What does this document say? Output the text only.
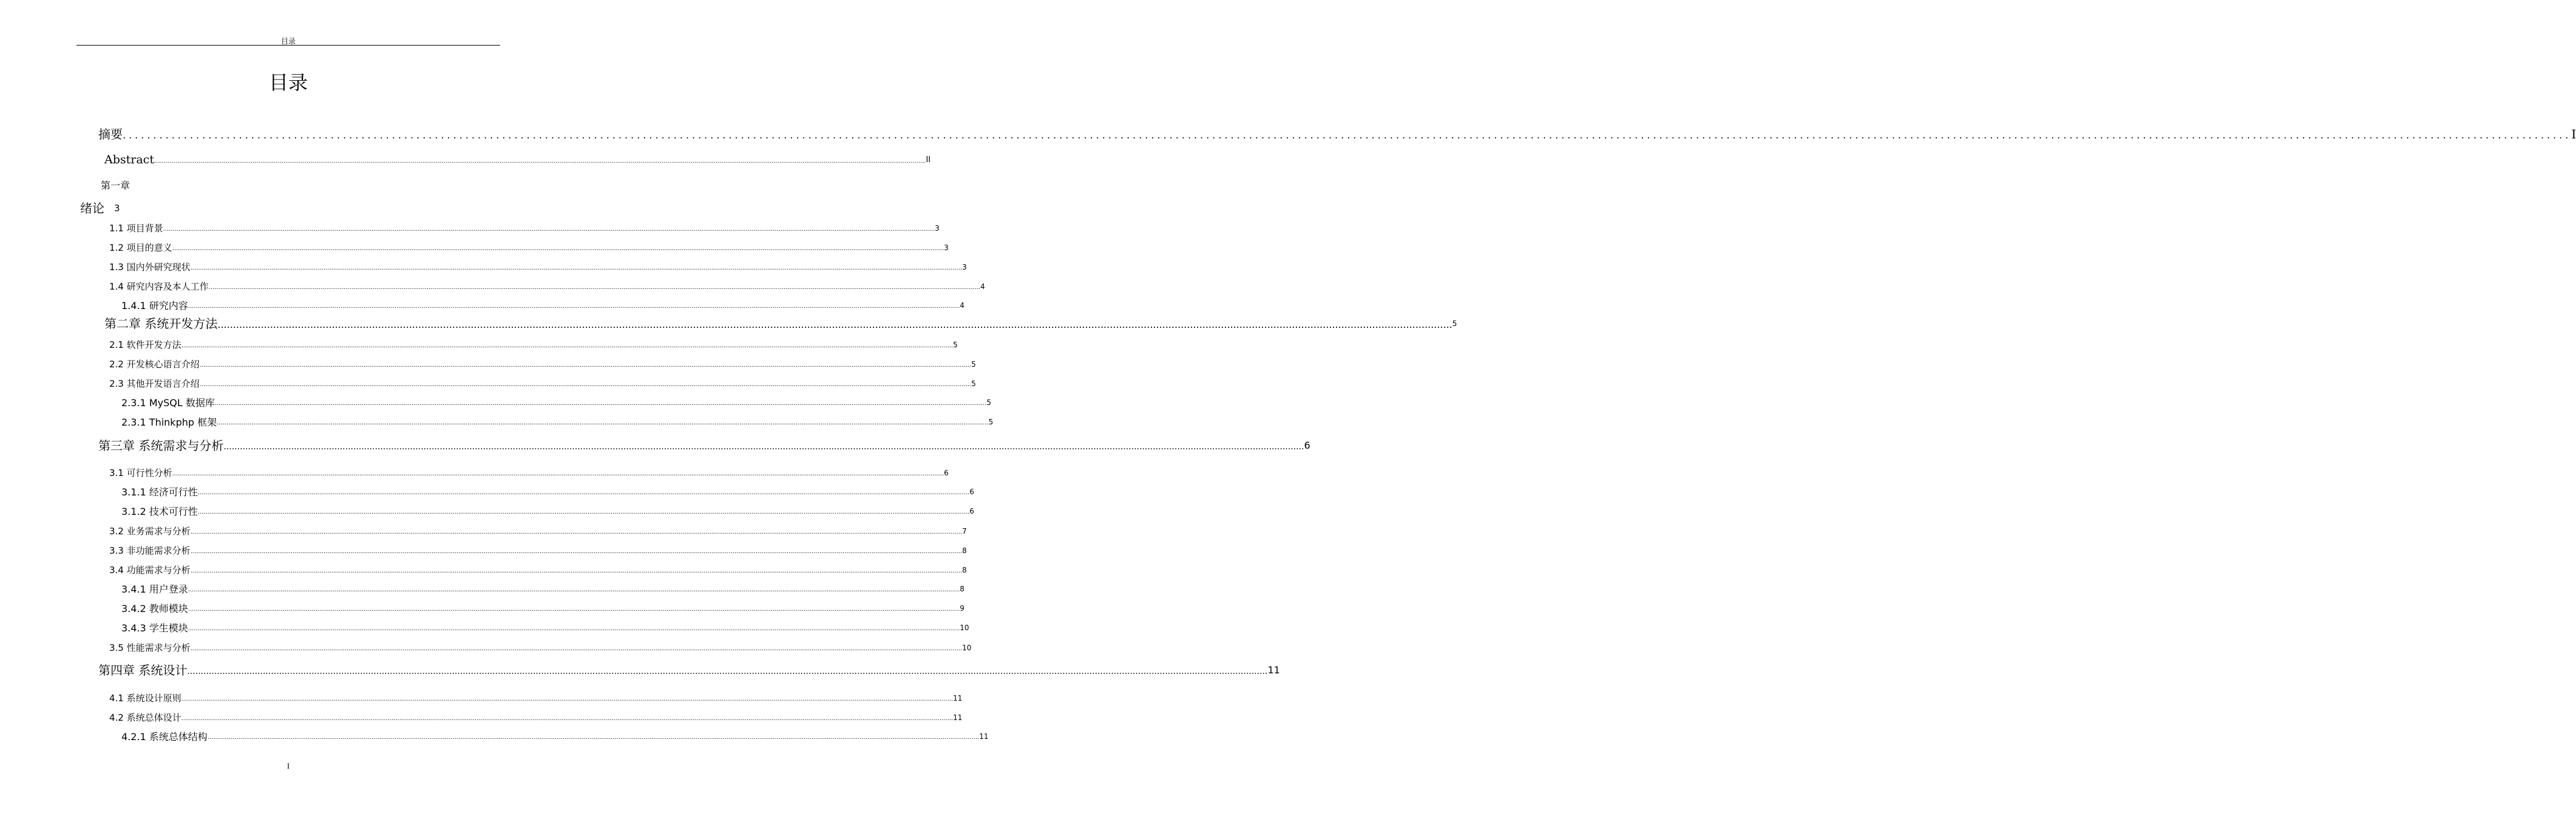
目录
目录
摘要 ................................................................................................................................................................................................................................................................................................................................................................................................................ I
Abstract ................................................................................................................................................................................................................................................................................................................................................................................................................ II
第一章
绪论 3
1.1 项目背景 ................................................................................................................................................................................................................................................................................................................................................................................................................ 3
1.2 项目的意义 ................................................................................................................................................................................................................................................................................................................................................................................................................ 3
1.3 国内外研究现状 ................................................................................................................................................................................................................................................................................................................................................................................................................ 3
1.4 研究内容及本人工作 ................................................................................................................................................................................................................................................................................................................................................................................................................ 4
1.4.1 研究内容 ................................................................................................................................................................................................................................................................................................................................................................................................................ 4
第二章 系统开发方法 ................................................................................................................................................................................................................................................................................................................................................................................................................ 5
2.1 软件开发方法 ................................................................................................................................................................................................................................................................................................................................................................................................................ 5
2.2 开发核心语言介绍 ................................................................................................................................................................................................................................................................................................................................................................................................................ 5
2.3 其他开发语言介绍 ................................................................................................................................................................................................................................................................................................................................................................................................................ 5
2.3.1 MySQL 数据库 ................................................................................................................................................................................................................................................................................................................................................................................................................ 5
2.3.1 Thinkphp 框架 ................................................................................................................................................................................................................................................................................................................................................................................................................ 5
第三章 系统需求与分析 ................................................................................................................................................................................................................................................................................................................................................................................................................ 6
3.1 可行性分析 ................................................................................................................................................................................................................................................................................................................................................................................................................ 6
3.1.1 经济可行性 ................................................................................................................................................................................................................................................................................................................................................................................................................ 6
3.1.2 技术可行性 ................................................................................................................................................................................................................................................................................................................................................................................................................ 6
3.2 业务需求与分析 ................................................................................................................................................................................................................................................................................................................................................................................................................ 7
3.3 非功能需求分析 ................................................................................................................................................................................................................................................................................................................................................................................................................ 8
3.4 功能需求与分析 ................................................................................................................................................................................................................................................................................................................................................................................................................ 8
3.4.1 用户登录 ................................................................................................................................................................................................................................................................................................................................................................................................................ 8
3.4.2 教师模块 ................................................................................................................................................................................................................................................................................................................................................................................................................ 9
3.4.3 学生模块 ................................................................................................................................................................................................................................................................................................................................................................................................................ 10
3.5 性能需求与分析 ................................................................................................................................................................................................................................................................................................................................................................................................................ 10
第四章 系统设计 ................................................................................................................................................................................................................................................................................................................................................................................................................ 11
4.1 系统设计原则 ................................................................................................................................................................................................................................................................................................................................................................................................................ 11
4.2 系统总体设计 ................................................................................................................................................................................................................................................................................................................................................................................................................ 11
4.2.1 系统总体结构 ................................................................................................................................................................................................................................................................................................................................................................................................................ 11
I
